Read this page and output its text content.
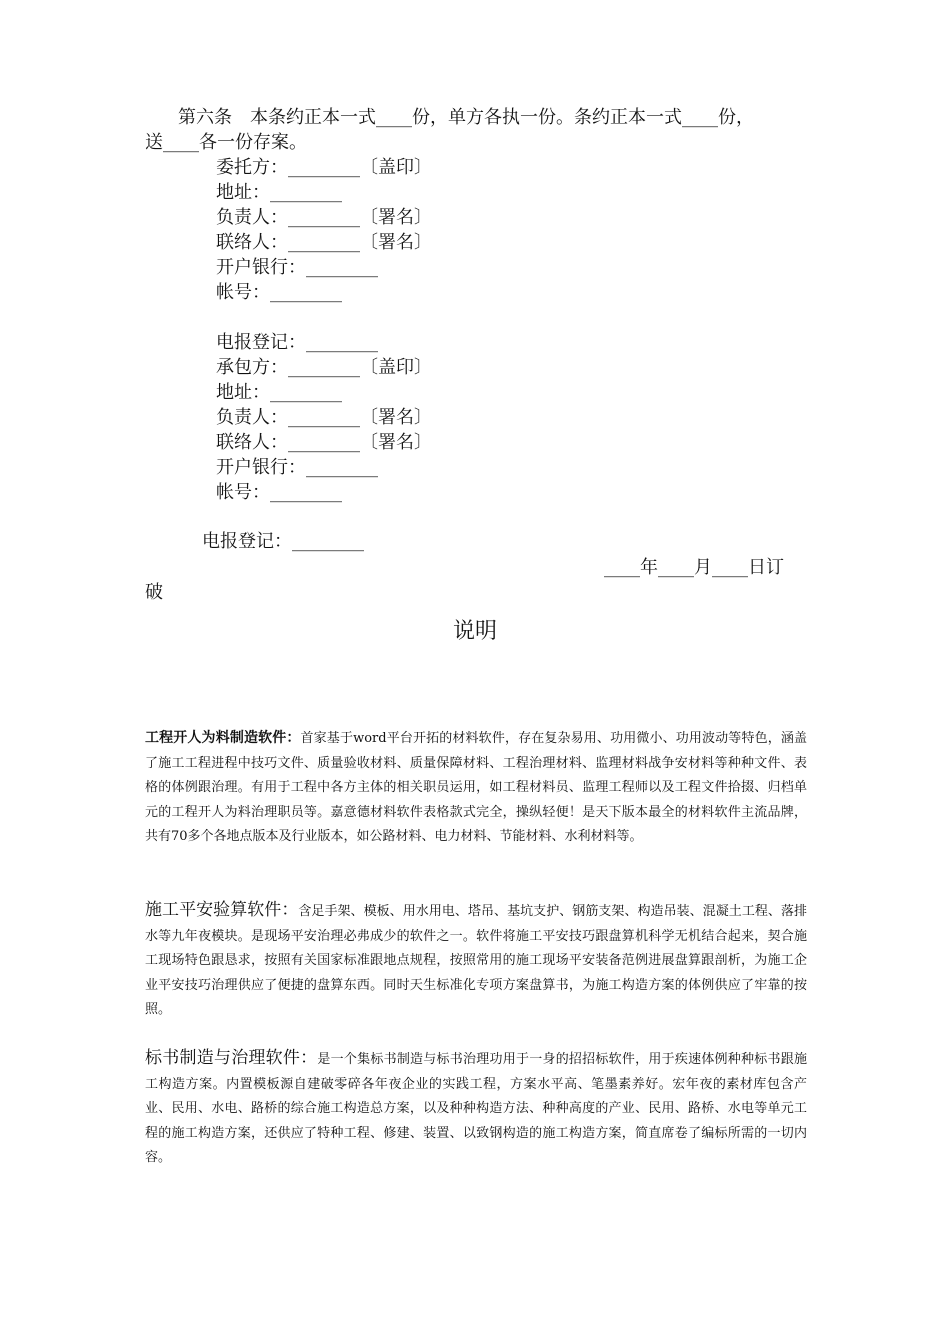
第六条　本条约正本一式____份，单方各执一份。条约正本一式____份，

送____各一份存案。

委托方：________〔盖印〕

地址：________

负责人：________〔署名〕

联络人：________〔署名〕

开户银行：________

帐号：________

电报登记：________

承包方：________〔盖印〕

地址：________

负责人：________〔署名〕

联络人：________〔署名〕

开户银行：________

帐号：________

电报登记：________

____年____月____日订

破

说明

工程开人为料制造软件：首家基于word平台开拓的材料软件，存在复杂易用、功用微小、功用波动等特色，涵盖了施工工程进程中技巧文件、质量验收材料、质量保障材料、工程治理材料、监理材料战争安材料等种种文件、表格的体例跟治理。有用于工程中各方主体的相关职员运用，如工程材料员、监理工程师以及工程文件拾掇、归档单元的工程开人为料治理职员等。嘉意德材料软件表格款式完全，操纵轻便！是天下版本最全的材料软件主流品牌，共有70多个各地点版本及行业版本，如公路材料、电力材料、节能材料、水利材料等。

施工平安验算软件：含足手架、模板、用水用电、塔吊、基坑支护、钢筋支架、构造吊装、混凝土工程、落排水等九年夜模块。是现场平安治理必弗成少的软件之一。软件将施工平安技巧跟盘算机科学无机结合起来，契合施工现场特色跟恳求，按照有关国家标准跟地点规程，按照常用的施工现场平安装备范例进展盘算跟剖析，为施工企业平安技巧治理供应了便捷的盘算东西。同时天生标准化专项方案盘算书，为施工构造方案的体例供应了牢靠的按照。

标书制造与治理软件：是一个集标书制造与标书治理功用于一身的招招标软件，用于疾速体例种种标书跟施工构造方案。内置模板源自建破零碎各年夜企业的实践工程，方案水平高、笔墨素养好。宏年夜的素材库包含产业、民用、水电、路桥的综合施工构造总方案，以及种种构造方法、种种高度的产业、民用、路桥、水电等单元工程的施工构造方案，还供应了特种工程、修建、装置、以致钢构造的施工构造方案，简直席卷了编标所需的一切内容。
